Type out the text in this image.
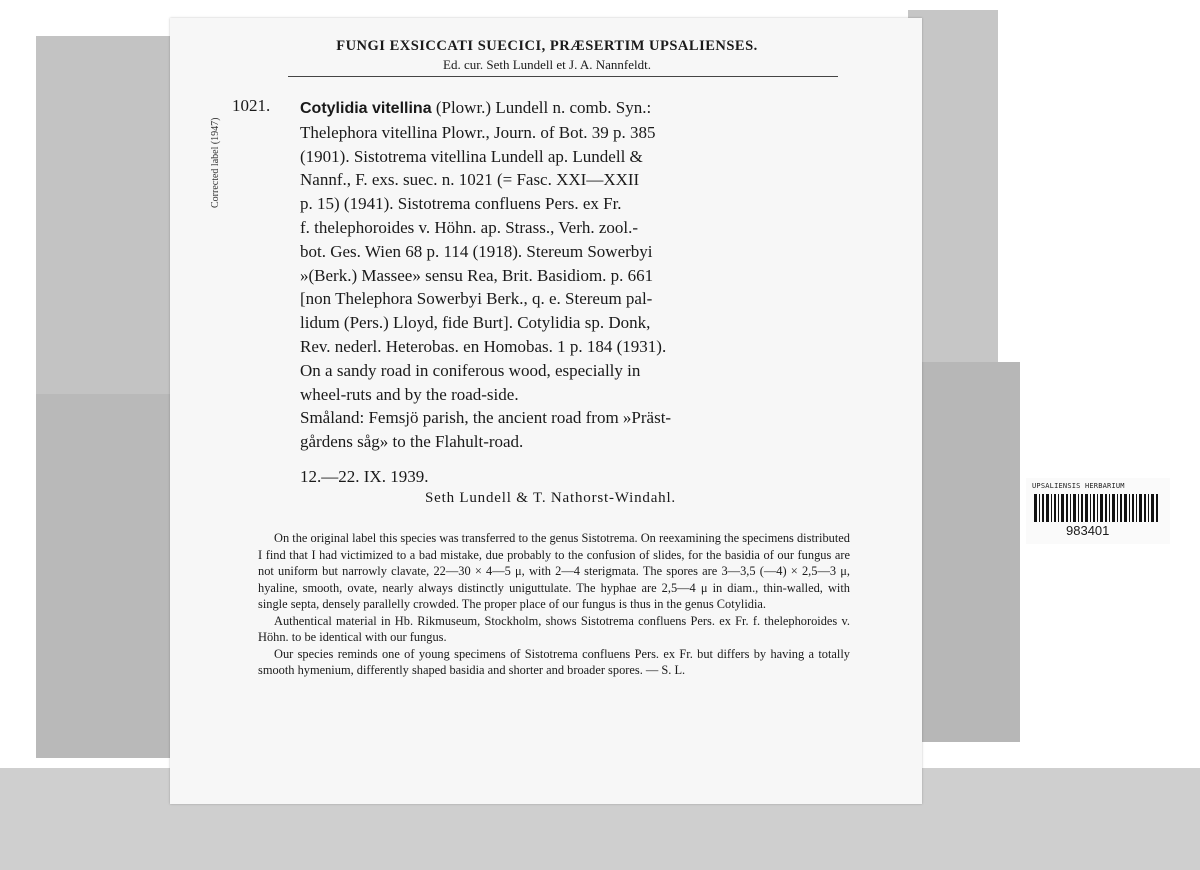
Corrected label (1947)
FUNGI EXSICCATI SUECICI, PRÆSERTIM UPSALIENSES.
Ed. cur. Seth Lundell et J. A. Nannfeldt.
1021. Cotylidia vitellina (Plowr.) Lundell n. comb. Syn.:
Thelephora vitellina Plowr., Journ. of Bot. 39 p. 385
(1901). Sistotrema vitellina Lundell ap. Lundell &
Nannf., F. exs. suec. n. 1021 (= Fasc. XXI—XXII
p. 15) (1941). Sistotrema confluens Pers. ex Fr.
f. thelephoroides v. Höhn. ap. Strass., Verh. zool.-
bot. Ges. Wien 68 p. 114 (1918). Stereum Sowerbyi
»(Berk.) Massee» sensu Rea, Brit. Basidiom. p. 661
[non Thelephora Sowerbyi Berk., q. e. Stereum pal-
lidum (Pers.) Lloyd, fide Burt]. Cotylidia sp. Donk,
Rev. nederl. Heterobas. en Homobas. 1 p. 184 (1931).
On a sandy road in coniferous wood, especially in
wheel-ruts and by the road-side.
Småland: Femsjö parish, the ancient road from »Präst-
gårdens såg» to the Flahult-road.
12.—22. IX. 1939.
Seth Lundell & T. Nathorst-Windahl.

On the original label this species was transferred to the genus Sistotrema. On reexamining the specimens distributed I find that I had victimized to a bad mistake, due probably to the confusion of slides, for the basidia of our fungus are not uniform but narrowly clavate, 22—30 × 4—5 μ, with 2—4 sterigmata. The spores are 3—3,5 (—4) × 2,5—3 μ, hyaline, smooth, ovate, nearly always distinctly uniguttulate. The hyphae are 2,5—4 μ in diam., thin-walled, with single septa, densely parallelly crowded. The proper place of our fungus is thus in the genus Cotylidia.

Authentical material in Hb. Rikmuseum, Stockholm, shows Sistotrema confluens Pers. ex Fr. f. thelephoroides v. Höhn. to be identical with our fungus.

Our species reminds one of young specimens of Sistotrema confluens Pers. ex Fr. but differs by having a totally smooth hymenium, differently shaped basidia and shorter and broader spores. — S. L.

UPSALIENSIS HERBARIUM
983401
